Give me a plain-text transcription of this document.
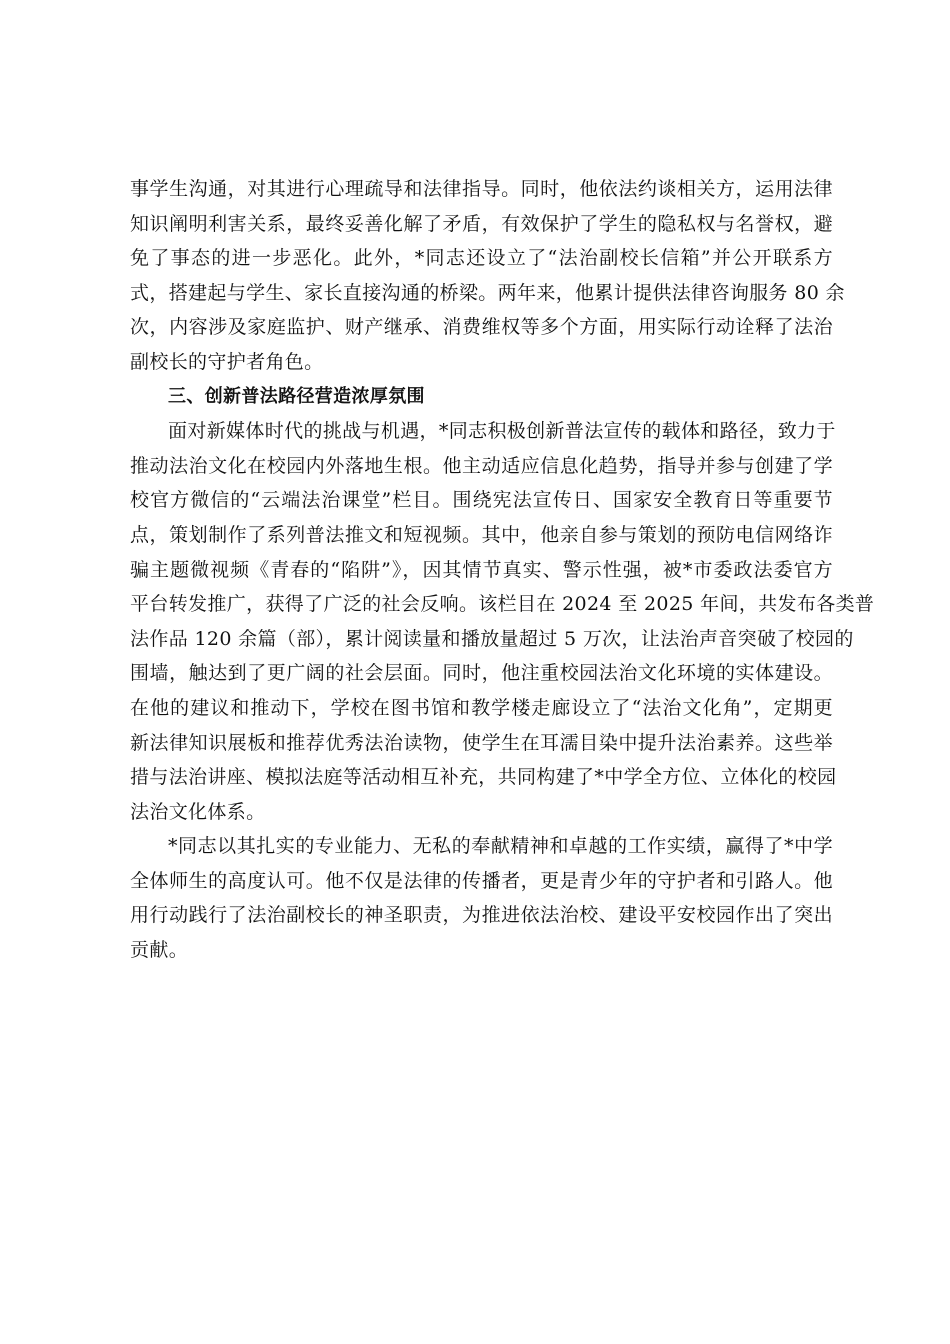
事学生沟通，对其进行心理疏导和法律指导。同时，他依法约谈相关方，运用法律
知识阐明利害关系，最终妥善化解了矛盾，有效保护了学生的隐私权与名誉权，避
免了事态的进一步恶化。此外，*同志还设立了“法治副校长信箱”并公开联系方
式，搭建起与学生、家长直接沟通的桥梁。两年来，他累计提供法律咨询服务 80 余
次，内容涉及家庭监护、财产继承、消费维权等多个方面，用实际行动诠释了法治
副校长的守护者角色。
三、创新普法路径营造浓厚氛围
面对新媒体时代的挑战与机遇，*同志积极创新普法宣传的载体和路径，致力于
推动法治文化在校园内外落地生根。他主动适应信息化趋势，指导并参与创建了学
校官方微信的“云端法治课堂”栏目。围绕宪法宣传日、国家安全教育日等重要节
点，策划制作了系列普法推文和短视频。其中，他亲自参与策划的预防电信网络诈
骗主题微视频《青春的“陷阱”》，因其情节真实、警示性强，被*市委政法委官方
平台转发推广，获得了广泛的社会反响。该栏目在 2024 至 2025 年间，共发布各类普
法作品 120 余篇（部），累计阅读量和播放量超过 5 万次，让法治声音突破了校园的
围墙，触达到了更广阔的社会层面。同时，他注重校园法治文化环境的实体建设。
在他的建议和推动下，学校在图书馆和教学楼走廊设立了“法治文化角”，定期更
新法律知识展板和推荐优秀法治读物，使学生在耳濡目染中提升法治素养。这些举
措与法治讲座、模拟法庭等活动相互补充，共同构建了*中学全方位、立体化的校园
法治文化体系。
*同志以其扎实的专业能力、无私的奉献精神和卓越的工作实绩，赢得了*中学
全体师生的高度认可。他不仅是法律的传播者，更是青少年的守护者和引路人。他
用行动践行了法治副校长的神圣职责，为推进依法治校、建设平安校园作出了突出
贡献。
